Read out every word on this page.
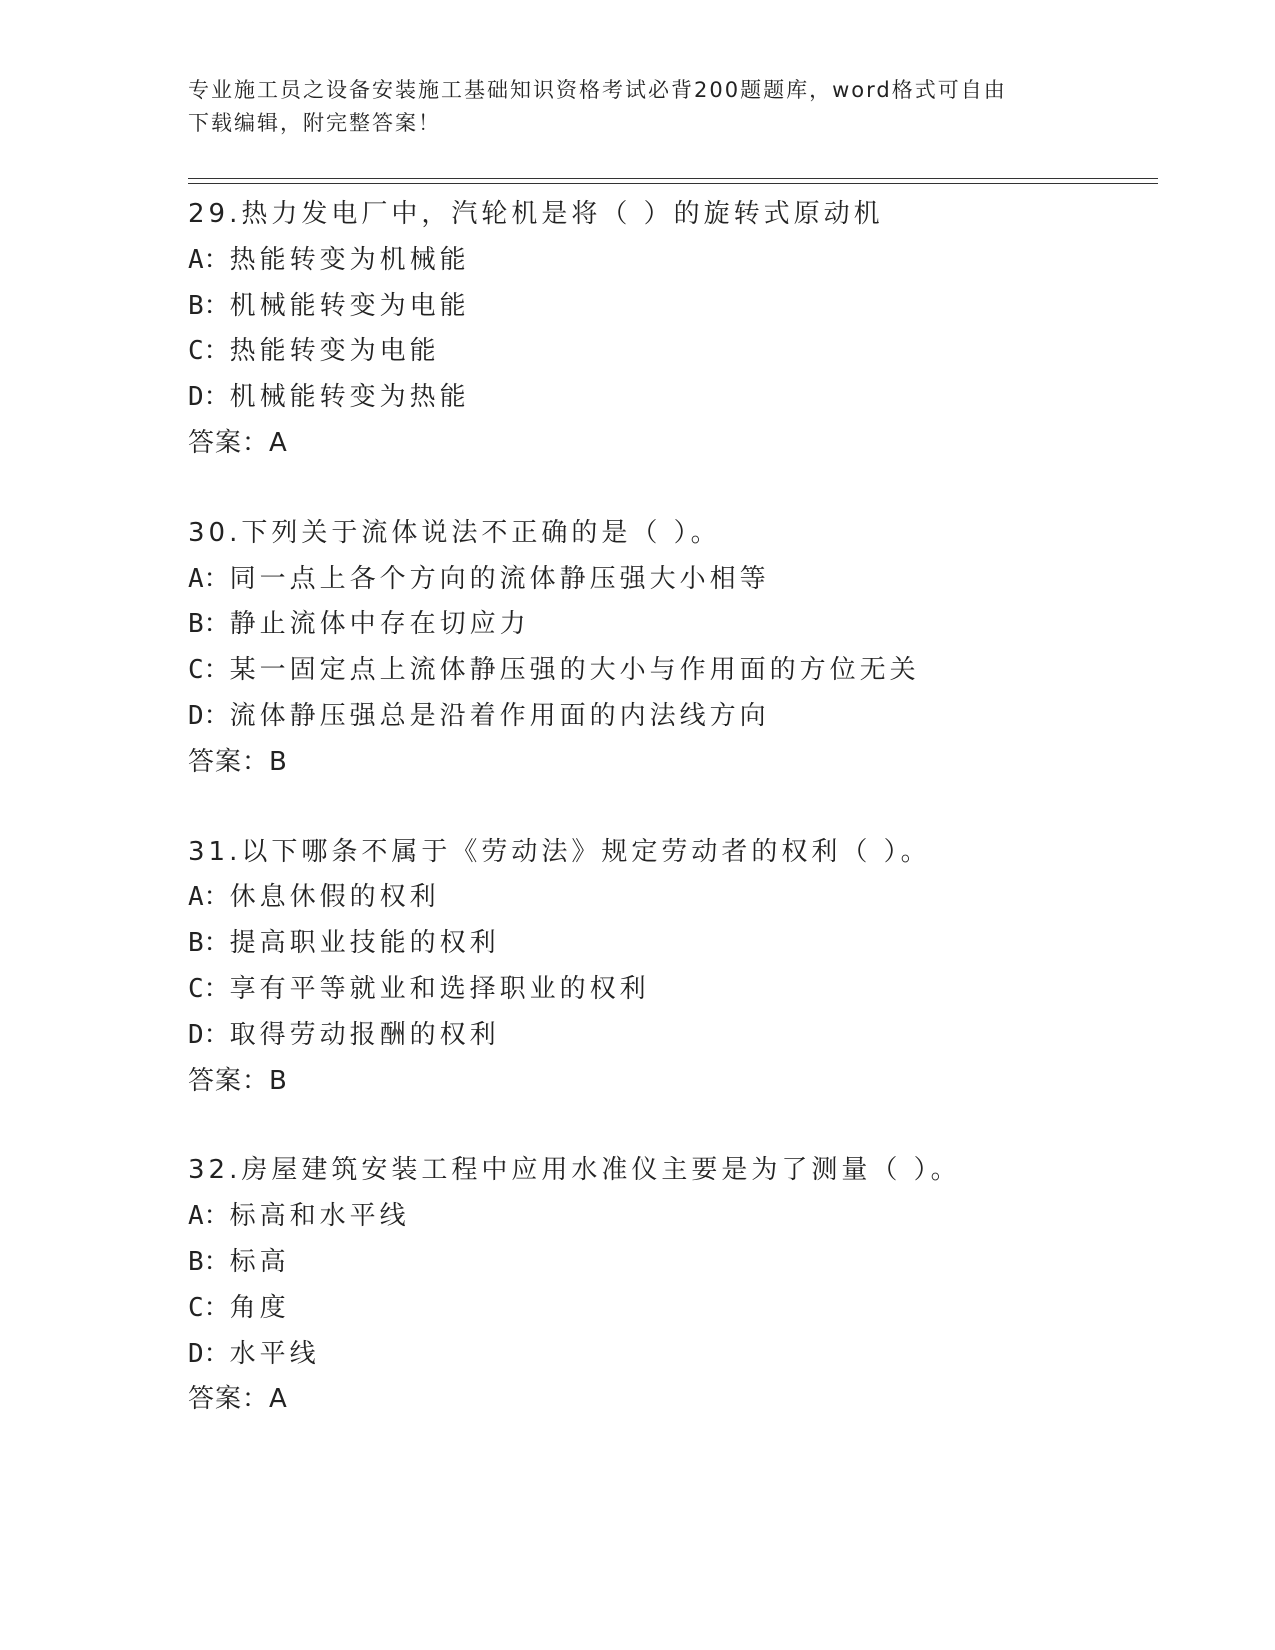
专业施工员之设备安装施工基础知识资格考试必背200题题库，word格式可自由
下载编辑，附完整答案！
29.热力发电厂中，汽轮机是将（ ）的旋转式原动机
A：热能转变为机械能
B：机械能转变为电能
C：热能转变为电能
D：机械能转变为热能
答案：A
30.下列关于流体说法不正确的是（ ）。
A：同一点上各个方向的流体静压强大小相等
B：静止流体中存在切应力
C：某一固定点上流体静压强的大小与作用面的方位无关
D：流体静压强总是沿着作用面的内法线方向
答案：B
31.以下哪条不属于《劳动法》规定劳动者的权利（ ）。
A：休息休假的权利
B：提高职业技能的权利
C：享有平等就业和选择职业的权利
D：取得劳动报酬的权利
答案：B
32.房屋建筑安装工程中应用水准仪主要是为了测量（ ）。
A：标高和水平线
B：标高
C：角度
D：水平线
答案：A
